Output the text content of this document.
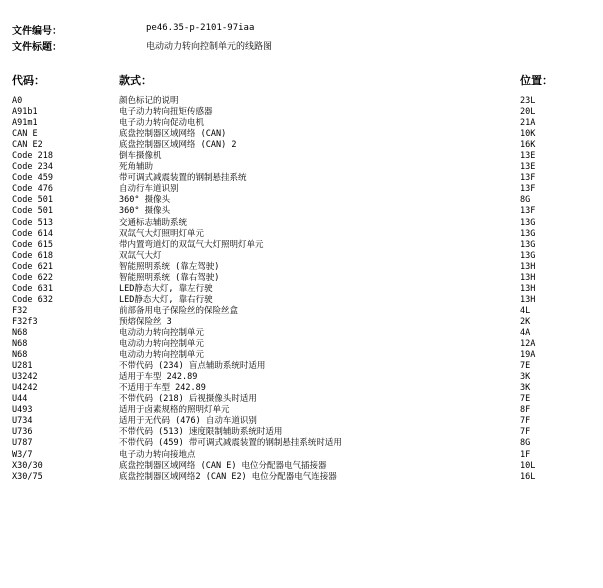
文件编号：	pe46.35-p-2101-97iaa
文件标题：	电动动力转向控制单元的线路图
代码：	款式：	位置：
A0	颜色标记的说明	23L
A91b1	电子动力转向扭矩传感器	20L
A91m1	电子动力转向促动电机	21A
CAN E	底盘控制器区域网络 (CAN)	10K
CAN E2	底盘控制器区域网络 (CAN) 2	16K
Code 218	倒车摄像机	13E
Code 234	死角辅助	13E
Code 459	带可调式减震装置的钢制悬挂系统	13F
Code 476	自动行车道识别	13F
Code 501	360° 摄像头	8G
Code 501	360° 摄像头	13F
Code 513	交通标志辅助系统	13G
Code 614	双氙气大灯照明灯单元	13G
Code 615	带内置弯道灯的双氙气大灯照明灯单元	13G
Code 618	双氙气大灯	13G
Code 621	智能照明系统 (靠左驾驶)	13H
Code 622	智能照明系统 (靠右驾驶)	13H
Code 631	LED静态大灯, 靠左行驶	13H
Code 632	LED静态大灯, 靠右行驶	13H
F32	前部备用电子保险丝的保险丝盒	4L
F32f3	预熔保险丝 3	2K
N68	电动动力转向控制单元	4A
N68	电动动力转向控制单元	12A
N68	电动动力转向控制单元	19A
U281	不带代码 (234) 盲点辅助系统时适用	7E
U3242	适用于车型 242.89	3K
U4242	不适用于车型 242.89	3K
U44	不带代码 (218) 后视摄像头时适用	7E
U493	适用于卤素规格的照明灯单元	8F
U734	适用于无代码 (476) 自动车道识别	7F
U736	不带代码 (513) 速度限制辅助系统时适用	7F
U787	不带代码 (459) 带可调式减震装置的钢制悬挂系统时适用	8G
W3/7	电子动力转向接地点	1F
X30/30	底盘控制器区域网络 (CAN E) 电位分配器电气插接器	10L
X30/75	底盘控制器区域网络2 (CAN E2) 电位分配器电气连接器	16L
